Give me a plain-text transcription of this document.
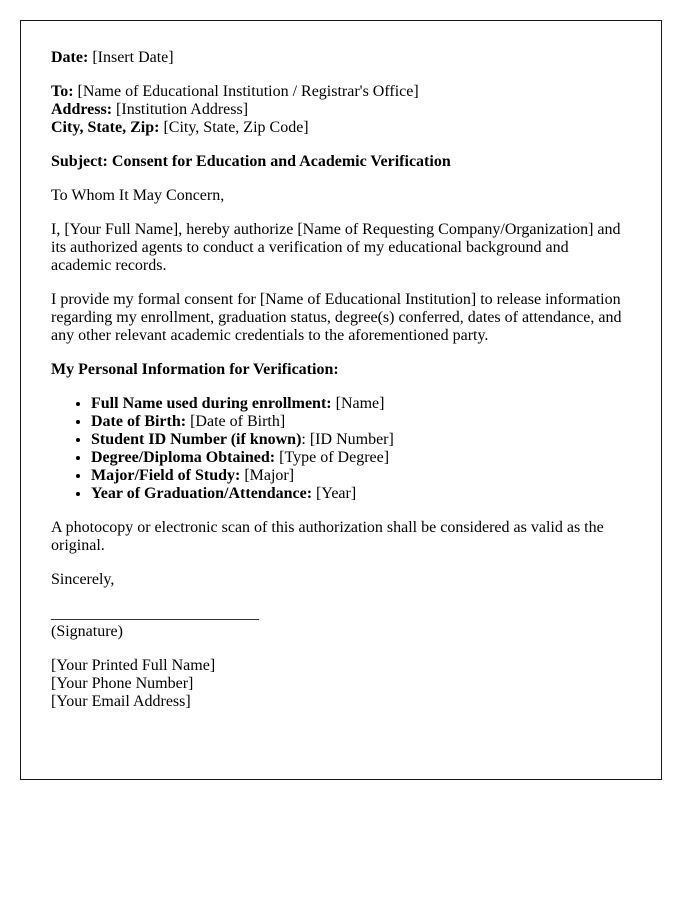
Date: [Insert Date]

To: [Name of Educational Institution / Registrar's Office]
Address: [Institution Address]
City, State, Zip: [City, State, Zip Code]

Subject: Consent for Education and Academic Verification

To Whom It May Concern,

I, [Your Full Name], hereby authorize [Name of Requesting Company/Organization] and its authorized agents to conduct a verification of my educational background and academic records.

I provide my formal consent for [Name of Educational Institution] to release information regarding my enrollment, graduation status, degree(s) conferred, dates of attendance, and any other relevant academic credentials to the aforementioned party.

My Personal Information for Verification:

• Full Name used during enrollment: [Name]
• Date of Birth: [Date of Birth]
• Student ID Number (if known): [ID Number]
• Degree/Diploma Obtained: [Type of Degree]
• Major/Field of Study: [Major]
• Year of Graduation/Attendance: [Year]

A photocopy or electronic scan of this authorization shall be considered as valid as the original.

Sincerely,

__________________________
(Signature)

[Your Printed Full Name]
[Your Phone Number]
[Your Email Address]
